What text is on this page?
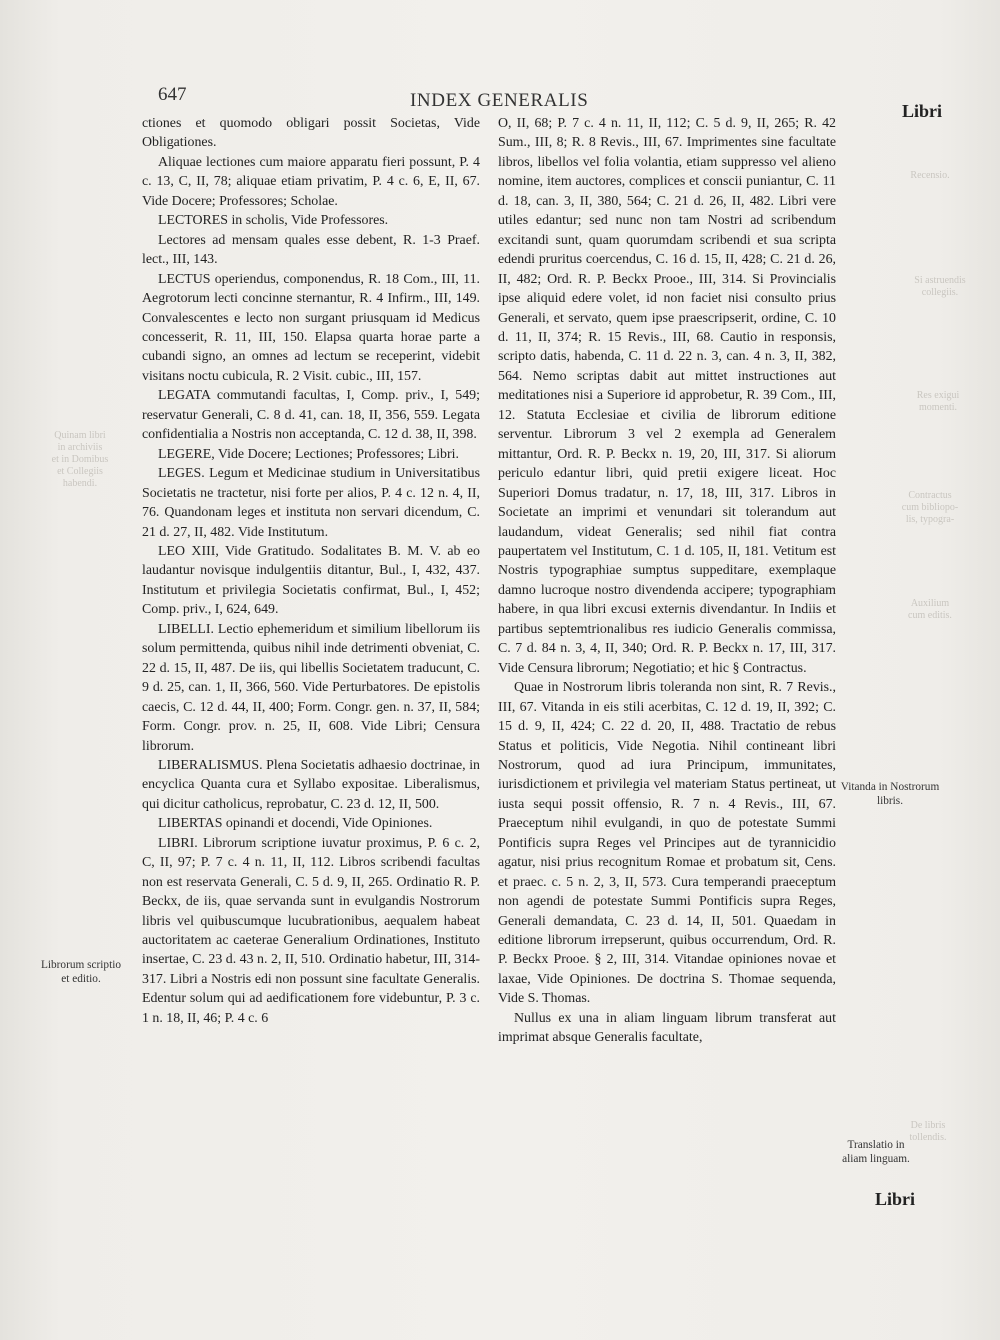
647	INDEX GENERALIS	Libri
Recensio.
Si astruendis
collegiis.
Res exigui
momenti.
Contractus
cum bibliopo-
lis, typogra-
Auxilium
cum editis.
Quinam libri
in archiviis
et in Domibus
et Collegiis
habendi.
De libris
tollendis.

ctiones et quomodo obligari possit Societas, Vide Obligationes.

Aliquae lectiones cum maiore apparatu fieri possunt, P. 4 c. 13, C, II, 78; aliquae etiam privatim, P. 4 c. 6, E, II, 67. Vide Docere; Professores; Scholae.

LECTORES in scholis, Vide Professores.

Lectores ad mensam quales esse debent, R. 1-3 Praef. lect., III, 143.

LECTUS operiendus, componendus, R. 18 Com., III, 11. Aegrotorum lecti concinne sternantur, R. 4 Infirm., III, 149. Convalescentes e lecto non surgant priusquam id Medicus concesserit, R. 11, III, 150. Elapsa quarta horae parte a cubandi signo, an omnes ad lectum se receperint, videbit visitans noctu cubicula, R. 2 Visit. cubic., III, 157.

LEGATA commutandi facultas, I, Comp. priv., I, 549; reservatur Generali, C. 8 d. 41, can. 18, II, 356, 559. Legata confidentialia a Nostris non acceptanda, C. 12 d. 38, II, 398.

LEGERE, Vide Docere; Lectiones; Professores; Libri.

LEGES. Legum et Medicinae studium in Universitatibus Societatis ne tractetur, nisi forte per alios, P. 4 c. 12 n. 4, II, 76. Quandonam leges et instituta non servari dicendum, C. 21 d. 27, II, 482. Vide Institutum.

LEO XIII, Vide Gratitudo. Sodalitates B. M. V. ab eo laudantur novisque indulgentiis ditantur, Bul., I, 432, 437. Institutum et privilegia Societatis confirmat, Bul., I, 452; Comp. priv., I, 624, 649.

LIBELLI. Lectio ephemeridum et similium libellorum iis solum permittenda, quibus nihil inde detrimenti obveniat, C. 22 d. 15, II, 487. De iis, qui libellis Societatem traducunt, C. 9 d. 25, can. 1, II, 366, 560. Vide Perturbatores. De epistolis caecis, C. 12 d. 44, II, 400; Form. Congr. gen. n. 37, II, 584; Form. Congr. prov. n. 25, II, 608. Vide Libri; Censura librorum.

LIBERALISMUS. Plena Societatis adhaesio doctrinae, in encyclica Quanta cura et Syllabo expositae. Liberalismus, qui dicitur catholicus, reprobatur, C. 23 d. 12, II, 500.

LIBERTAS opinandi et docendi, Vide Opiniones.

LIBRI. Librorum scriptione iuvatur proximus, P. 6 c. 2, C, II, 97; P. 7 c. 4 n. 11, II, 112. Libros scribendi facultas non est reservata Generali, C. 5 d. 9, II, 265. Ordinatio R. P. Beckx, de iis, quae servanda sunt in evulgandis Nostrorum libris vel quibuscumque lucubrationibus, aequalem habeat auctoritatem ac caeterae Generalium Ordinationes, Instituto insertae, C. 23 d. 43 n. 2, II, 510. Ordinatio habetur, III, 314-317. Libri a Nostris edi non possunt sine facultate Generalis. Edentur solum qui ad aedificationem fore videbuntur, P. 3 c. 1 n. 18, II, 46; P. 4 c. 6

O, II, 68; P. 7 c. 4 n. 11, II, 112; C. 5 d. 9, II, 265; R. 42 Sum., III, 8; R. 8 Revis., III, 67. Imprimentes sine facultate libros, libellos vel folia volantia, etiam suppresso vel alieno nomine, item auctores, complices et conscii puniantur, C. 11 d. 18, can. 3, II, 380, 564; C. 21 d. 26, II, 482. Libri vere utiles edantur; sed nunc non tam Nostri ad scribendum excitandi sunt, quam quorumdam scribendi et sua scripta edendi pruritus coercendus, C. 16 d. 15, II, 428; C. 21 d. 26, II, 482; Ord. R. P. Beckx Prooe., III, 314. Si Provincialis ipse aliquid edere volet, id non faciet nisi consulto prius Generali, et servato, quem ipse praescripserit, ordine, C. 10 d. 11, II, 374; R. 15 Revis., III, 68. Cautio in responsis, scripto datis, habenda, C. 11 d. 22 n. 3, can. 4 n. 3, II, 382, 564. Nemo scriptas dabit aut mittet instructiones aut meditationes nisi a Superiore id approbetur, R. 39 Com., III, 12. Statuta Ecclesiae et civilia de librorum editione serventur. Librorum 3 vel 2 exempla ad Generalem mittantur, Ord. R. P. Beckx n. 19, 20, III, 317. Si aliorum periculo edantur libri, quid pretii exigere liceat. Hoc Superiori Domus tradatur, n. 17, 18, III, 317. Libros in Societate an imprimi et venundari sit tolerandum aut laudandum, videat Generalis; sed nihil fiat contra paupertatem vel Institutum, C. 1 d. 105, II, 181. Vetitum est Nostris typographiae sumptus suppeditare, exemplaque damno lucroque nostro divendenda accipere; typographiam habere, in qua libri excusi externis divendantur. In Indiis et partibus septemtrionalibus res iudicio Generalis commissa, C. 7 d. 84 n. 3, 4, II, 340; Ord. R. P. Beckx n. 17, III, 317. Vide Censura librorum; Negotiatio; et hic § Contractus.

Quae in Nostrorum libris toleranda non sint, R. 7 Revis., III, 67. Vitanda in eis stili acerbitas, C. 12 d. 19, II, 392; C. 15 d. 9, II, 424; C. 22 d. 20, II, 488. Tractatio de rebus Status et politicis, Vide Negotia. Nihil contineant libri Nostrorum, quod ad iura Principum, immunitates, iurisdictionem et privilegia vel materiam Status pertineat, ut iusta sequi possit offensio, R. 7 n. 4 Revis., III, 67. Praeceptum nihil evulgandi, in quo de potestate Summi Pontificis supra Reges vel Principes aut de tyrannicidio agatur, nisi prius recognitum Romae et probatum sit, Cens. et praec. c. 5 n. 2, 3, II, 573. Cura temperandi praeceptum non agendi de potestate Summi Pontificis supra Reges, Generali demandata, C. 23 d. 14, II, 501. Quaedam in editione librorum irrepserunt, quibus occurrendum, Ord. R. P. Beckx Prooe. § 2, III, 314. Vitandae opiniones novae et laxae, Vide Opiniones. De doctrina S. Thomae sequenda, Vide S. Thomas.

Nullus ex una in aliam linguam librum transferat aut imprimat absque Generalis facultate,

Librorum scriptio et editio.
Vitanda in Nostrorum libris.
Translatio in aliam linguam.
Libri
